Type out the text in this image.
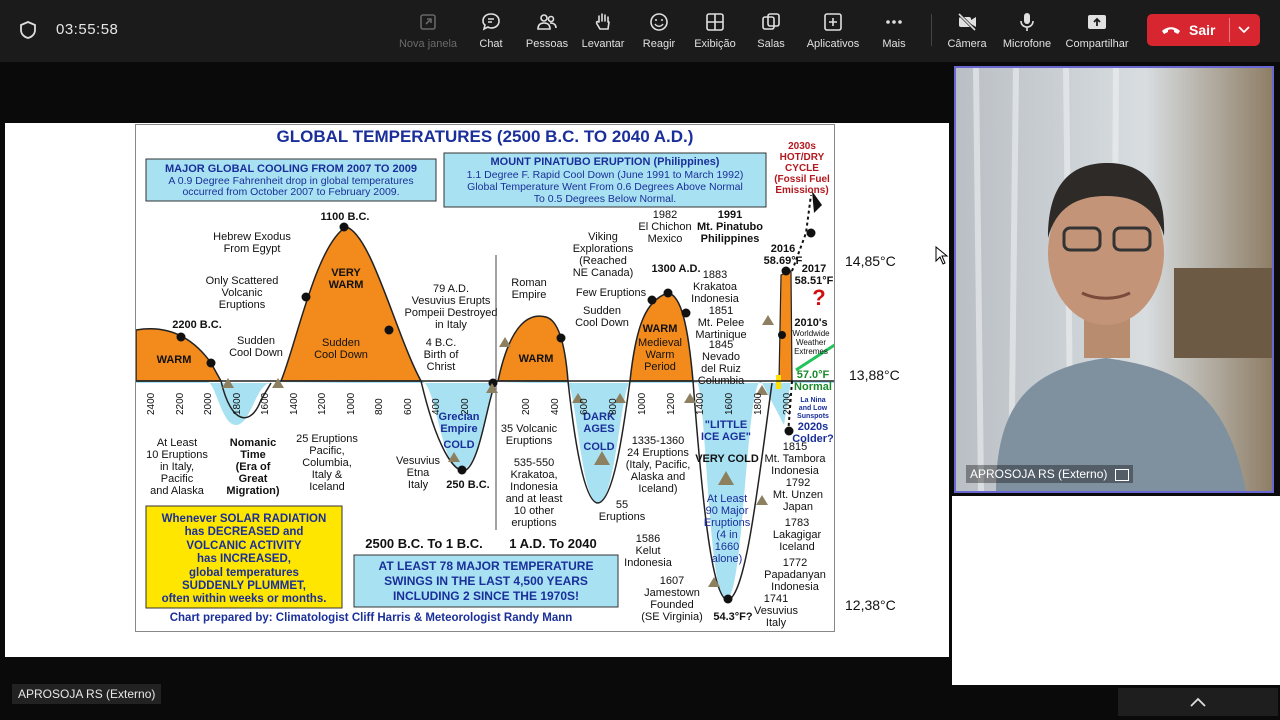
03:55:58
Nova janela Chat Pessoas Levantar Reagir Exibição Salas Aplicativos Mais	Câmera Microfone Compartilhar
Sair
GLOBAL TEMPERATURES (2500 B.C. TO 2040 A.D.)
MAJOR GLOBAL COOLING FROM 2007 TO 2009
A 0.9 Degree Fahrenheit drop in global temperatures
occurred from October 2007 to February 2009.
MOUNT PINATUBO ERUPTION (Philippines)
1.1 Degree F. Rapid Cool Down (June 1991 to March 1992)
Global Temperature Went From 0.6 Degrees Above Normal
To 0.5 Degrees Below Normal.
2030s
HOT/DRY
CYCLE
(Fossil Fuel
Emissions)
1100 B.C.
Hebrew Exodus
From Egypt
Only Scattered
Volcanic
Eruptions
VERY
WARM
Sudden
Cool Down
2200 B.C.
Sudden
Cool Down
WARM
79 A.D.
Vesuvius Erupts
Pompeii Destroyed
in Italy
4 B.C.
Birth of
Christ
Roman
Empire
WARM
Sudden
Cool Down
Few Eruptions
Viking
Explorations
(Reached
NE Canada)	1300 A.D.
WARM
Medieval
Warm
Period
1982
El Chichon
Mexico
1991
Mt. Pinatubo
Philippines
1883
Krakatoa
Indonesia
1851
Mt. Pelee
Martinique
1845
Nevado
del Ruiz
Columbia
2016
58.69°F
2017
58.51°F
?
2010's
Worldwide
Weather
Extremes
57.0°F
Normal
La Nina
and Low
Sunspots
2020s
Colder?
At Least
10 Eruptions
in Italy,
Pacific
and Alaska
Nomanic
Time
(Era of
Great
Migration)
25 Eruptions
Pacific,
Columbia,
Italy &
Iceland
Grecian
Empire
COLD
Vesuvius
Etna
Italy	250 B.C.
35 Volcanic
Eruptions
535-550
Krakatoa,
Indonesia
and at least
10 other
eruptions
DARK
AGES
COLD
55
Eruptions
1335-1360
24 Eruptions
(Italy, Pacific,
Alaska and
Iceland)
"LITTLE
ICE AGE"
VERY COLD
At Least
90 Major
Eruptions
(4 in
1660
alone)
1815
Mt. Tambora
Indonesia
1792
Mt. Unzen
Japan
1783
Lakagigar
Iceland
1772
Papadanyan
Indonesia
1741
Vesuvius
Italy
1586
Kelut
Indonesia
1607
Jamestown
Founded
(SE Virginia) 54.3°F?
2500 B.C. To 1 B.C.	1 A.D. To 2040
Whenever SOLAR RADIATION
has DECREASED and
VOLCANIC ACTIVITY
has INCREASED,
global temperatures
SUDDENLY PLUMMET,
often within weeks or months.
AT LEAST 78 MAJOR TEMPERATURE
SWINGS IN THE LAST 4,500 YEARS
INCLUDING 2 SINCE THE 1970S!
Chart prepared by: Climatologist Cliff Harris & Meteorologist Randy Mann
2400 2200 2000 1800 1600 1400 1200 1000 800 600 400 200	200 400 600 800 1000 1200 1400 1600 1800 2000
14,85°C
13,88°C
12,38°C
APROSOJA RS (Externo)
APROSOJA RS (Externo)
